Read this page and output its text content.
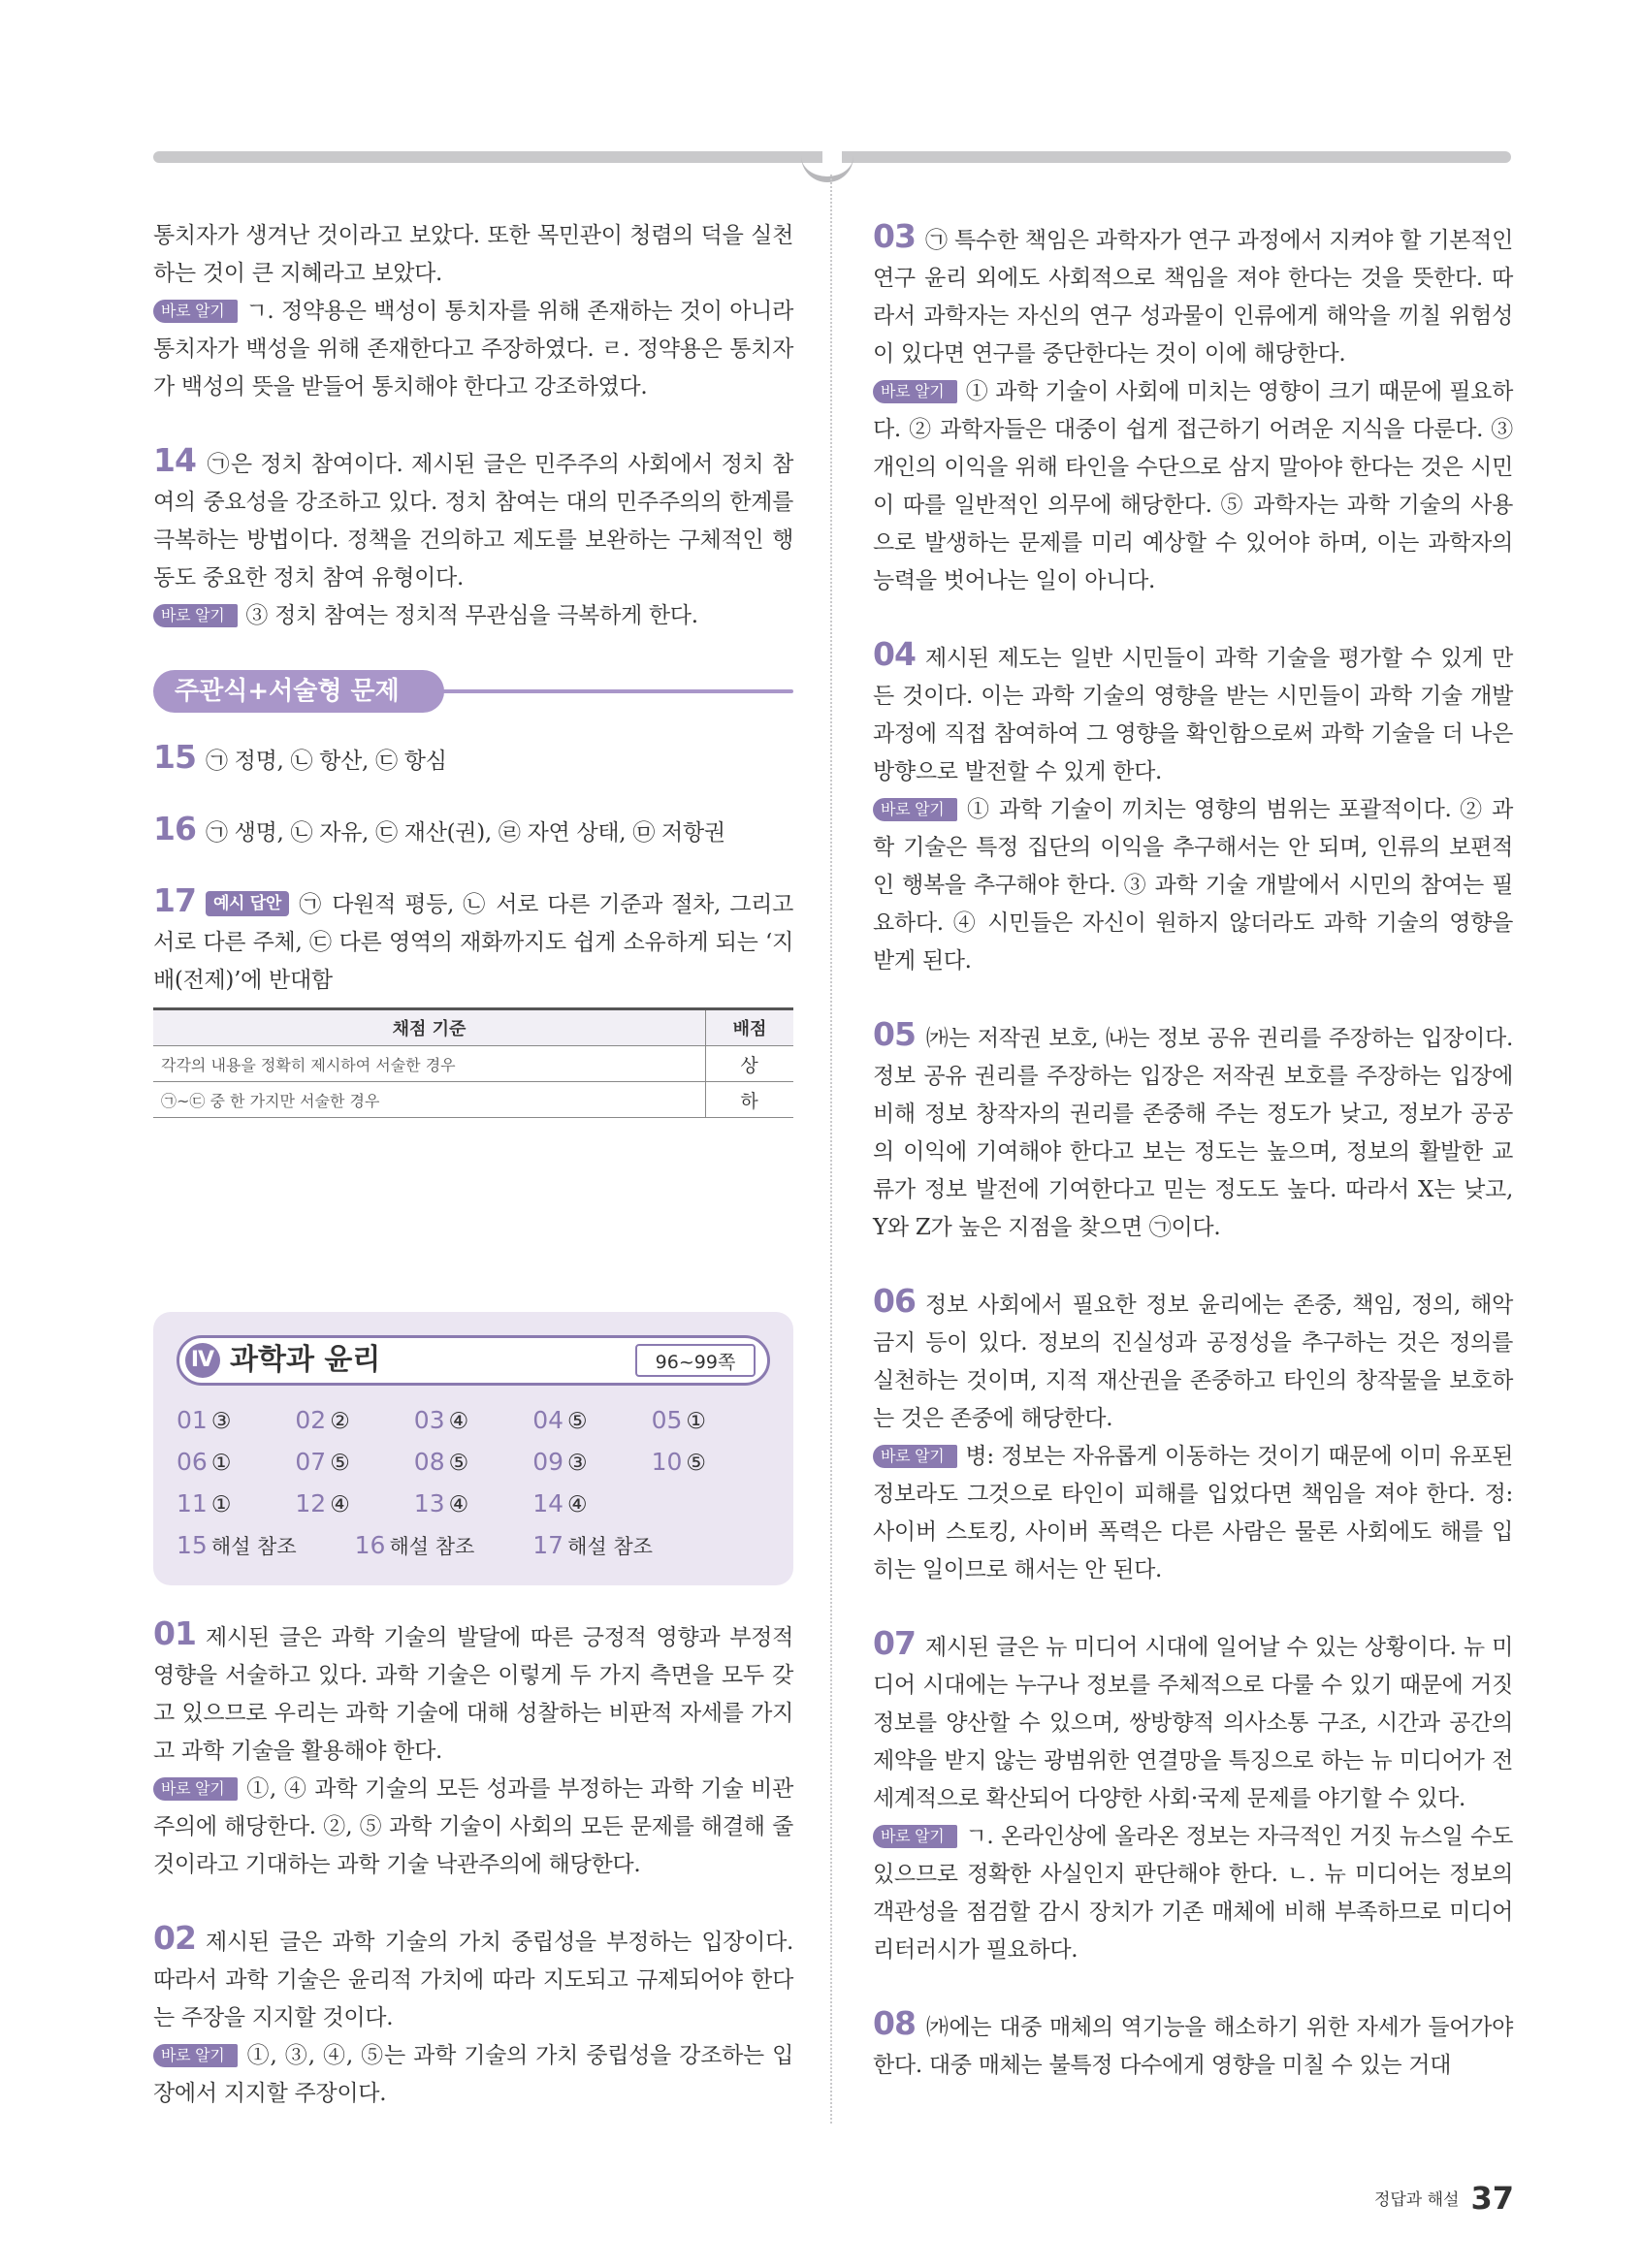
통치자가 생겨난 것이라고 보았다. 또한 목민관이 청렴의 덕을 실천하는 것이 큰 지혜라고 보았다.

바로 알기 ㄱ. 정약용은 백성이 통치자를 위해 존재하는 것이 아니라 통치자가 백성을 위해 존재한다고 주장하였다. ㄹ. 정약용은 통치자가 백성의 뜻을 받들어 통치해야 한다고 강조하였다.

14 ㉠은 정치 참여이다. 제시된 글은 민주주의 사회에서 정치 참여의 중요성을 강조하고 있다. 정치 참여는 대의 민주주의의 한계를 극복하는 방법이다. 정책을 건의하고 제도를 보완하는 구체적인 행동도 중요한 정치 참여 유형이다.

바로 알기 ③ 정치 참여는 정치적 무관심을 극복하게 한다.

주관식+서술형 문제

15 ㉠ 정명, ㉡ 항산, ㉢ 항심

16 ㉠ 생명, ㉡ 자유, ㉢ 재산(권), ㉣ 자연 상태, ㉤ 저항권

17 예시 답안 ㉠ 다원적 평등, ㉡ 서로 다른 기준과 절차, 그리고 서로 다른 주체, ㉢ 다른 영역의 재화까지도 쉽게 소유하게 되는 ‘지배(전제)’에 반대함

채점 기준	배점
각각의 내용을 정확히 제시하여 서술한 경우	상
㉠~㉢ 중 한 가지만 서술한 경우	하
Ⅳ 과학과 윤리	96~99쪽
01 ③	02 ②	03 ④	04 ⑤	05 ①
06 ①	07 ⑤	08 ⑤	09 ③	10 ⑤
11 ①	12 ④	13 ④	14 ④
15 해설 참조 16 해설 참조 17 해설 참조

01 제시된 글은 과학 기술의 발달에 따른 긍정적 영향과 부정적 영향을 서술하고 있다. 과학 기술은 이렇게 두 가지 측면을 모두 갖고 있으므로 우리는 과학 기술에 대해 성찰하는 비판적 자세를 가지고 과학 기술을 활용해야 한다.

바로 알기 ①, ④ 과학 기술의 모든 성과를 부정하는 과학 기술 비관주의에 해당한다. ②, ⑤ 과학 기술이 사회의 모든 문제를 해결해 줄 것이라고 기대하는 과학 기술 낙관주의에 해당한다.

02 제시된 글은 과학 기술의 가치 중립성을 부정하는 입장이다. 따라서 과학 기술은 윤리적 가치에 따라 지도되고 규제되어야 한다는 주장을 지지할 것이다.

바로 알기 ①, ③, ④, ⑤는 과학 기술의 가치 중립성을 강조하는 입장에서 지지할 주장이다.

03 ㉠ 특수한 책임은 과학자가 연구 과정에서 지켜야 할 기본적인 연구 윤리 외에도 사회적으로 책임을 져야 한다는 것을 뜻한다. 따라서 과학자는 자신의 연구 성과물이 인류에게 해악을 끼칠 위험성이 있다면 연구를 중단한다는 것이 이에 해당한다.

바로 알기 ① 과학 기술이 사회에 미치는 영향이 크기 때문에 필요하다. ② 과학자들은 대중이 쉽게 접근하기 어려운 지식을 다룬다. ③ 개인의 이익을 위해 타인을 수단으로 삼지 말아야 한다는 것은 시민이 따를 일반적인 의무에 해당한다. ⑤ 과학자는 과학 기술의 사용으로 발생하는 문제를 미리 예상할 수 있어야 하며, 이는 과학자의 능력을 벗어나는 일이 아니다.

04 제시된 제도는 일반 시민들이 과학 기술을 평가할 수 있게 만든 것이다. 이는 과학 기술의 영향을 받는 시민들이 과학 기술 개발 과정에 직접 참여하여 그 영향을 확인함으로써 과학 기술을 더 나은 방향으로 발전할 수 있게 한다.

바로 알기 ① 과학 기술이 끼치는 영향의 범위는 포괄적이다. ② 과학 기술은 특정 집단의 이익을 추구해서는 안 되며, 인류의 보편적인 행복을 추구해야 한다. ③ 과학 기술 개발에서 시민의 참여는 필요하다. ④ 시민들은 자신이 원하지 않더라도 과학 기술의 영향을 받게 된다.

05 ㈎는 저작권 보호, ㈏는 정보 공유 권리를 주장하는 입장이다. 정보 공유 권리를 주장하는 입장은 저작권 보호를 주장하는 입장에 비해 정보 창작자의 권리를 존중해 주는 정도가 낮고, 정보가 공공의 이익에 기여해야 한다고 보는 정도는 높으며, 정보의 활발한 교류가 정보 발전에 기여한다고 믿는 정도도 높다. 따라서 X는 낮고, Y와 Z가 높은 지점을 찾으면 ㉠이다.

06 정보 사회에서 필요한 정보 윤리에는 존중, 책임, 정의, 해악 금지 등이 있다. 정보의 진실성과 공정성을 추구하는 것은 정의를 실천하는 것이며, 지적 재산권을 존중하고 타인의 창작물을 보호하는 것은 존중에 해당한다.

바로 알기 병: 정보는 자유롭게 이동하는 것이기 때문에 이미 유포된 정보라도 그것으로 타인이 피해를 입었다면 책임을 져야 한다. 정: 사이버 스토킹, 사이버 폭력은 다른 사람은 물론 사회에도 해를 입히는 일이므로 해서는 안 된다.

07 제시된 글은 뉴 미디어 시대에 일어날 수 있는 상황이다. 뉴 미디어 시대에는 누구나 정보를 주체적으로 다룰 수 있기 때문에 거짓 정보를 양산할 수 있으며, 쌍방향적 의사소통 구조, 시간과 공간의 제약을 받지 않는 광범위한 연결망을 특징으로 하는 뉴 미디어가 전 세계적으로 확산되어 다양한 사회·국제 문제를 야기할 수 있다.

바로 알기 ㄱ. 온라인상에 올라온 정보는 자극적인 거짓 뉴스일 수도 있으므로 정확한 사실인지 판단해야 한다. ㄴ. 뉴 미디어는 정보의 객관성을 점검할 감시 장치가 기존 매체에 비해 부족하므로 미디어 리터러시가 필요하다.

08 ㈎에는 대중 매체의 역기능을 해소하기 위한 자세가 들어가야 한다. 대중 매체는 불특정 다수에게 영향을 미칠 수 있는 거대

정답과 해설 37
